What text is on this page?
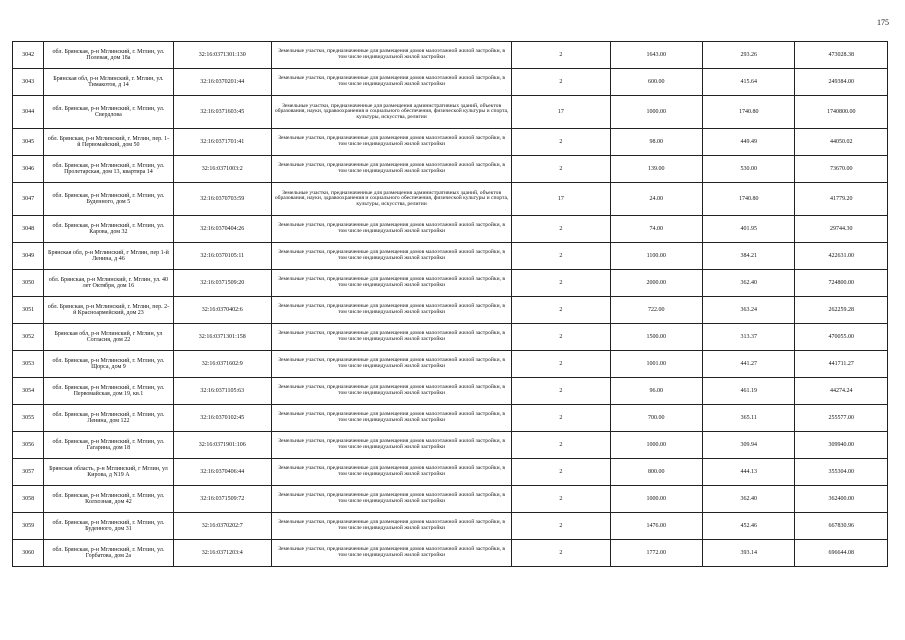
175
3042	обл. Брянская, р-н Мглинский, г. Мглин, ул. Полевая, дом 18а	32:16:0371301:130	Земельные участки, предназначенные для размещения домов малоэтажной жилой застройки, в том числе индивидуальной жилой застройки	2	1643.00	293.26	473028.38
3043	Брянская обл, р-н Мглинский, г. Мглин, ул. Тимакотов, д 14	32:16:0370201:44	Земельные участки, предназначенные для размещения домов малоэтажной жилой застройки, в том числе индивидуальной жилой застройки	2	600.00	415.64	249384.00
3044	обл. Брянская, р-н Мглинский, г. Мглин, ул. Свердлова	32:16:0371603:45	Земельные участки, предназначенные для размещения административных зданий, объектов образования, науки, здравоохранения и социального обеспечения, физической культуры и спорта, культуры, искусства, религии	17	1000.00	1740.80	1740800.00
3045	обл. Брянская, р-н Мглинский, г. Мглин, пер. 1-й Первомайский, дом 50	32:16:0371701:41	Земельные участки, предназначенные для размещения домов малоэтажной жилой застройки, в том числе индивидуальной жилой застройки	2	98.00	449.49	44050.02
3046	обл. Брянская, р-н Мглинский, г. Мглин, ул. Пролетарская, дом 13, квартира 14	32:16:0371003:2	Земельные участки, предназначенные для размещения домов малоэтажной жилой застройки, в том числе индивидуальной жилой застройки	2	139.00	530.00	73670.00
3047	обл. Брянская, р-н Мглинский, г. Мглин, ул. Буденного, дом 5	32:16:0370703:59	Земельные участки, предназначенные для размещения административных зданий, объектов образования, науки, здравоохранения и социального обеспечения, физической культуры и спорта, культуры, искусства, религии	17	24.00	1740.80	41779.20
3048	обл. Брянская, р-н Мглинский, г. Мглин, ул. Карова, дом 32	32:16:0370404:26	Земельные участки, предназначенные для размещения домов малоэтажной жилой застройки, в том числе индивидуальной жилой застройки	2	74.00	401.95	29744.30
3049	Брянская обл, р-н Мглинский, г Мглин, пер 1-й Ленина, д 46	32:16:0370105:11	Земельные участки, предназначенные для размещения домов малоэтажной жилой застройки, в том числе индивидуальной жилой застройки	2	1100.00	384.21	422631.00
3050	обл. Брянская, р-н Мглинский, г. Мглин, ул. 40 лет Октября, дом 16	32:16:0371509:20	Земельные участки, предназначенные для размещения домов малоэтажной жилой застройки, в том числе индивидуальной жилой застройки	2	2000.00	362.40	724800.00
3051	обл. Брянская, р-н Мглинский, г. Мглин, пер. 2-й Красноармейский, дом 23	32:16:0370402:6	Земельные участки, предназначенные для размещения домов малоэтажной жилой застройки, в том числе индивидуальной жилой застройки	2	722.00	363.24	262259.28
3052	Брянская обл, р-н Мглинский, г Мглин, ул Согласия, дом 22	32:16:0371301:158	Земельные участки, предназначенные для размещения домов малоэтажной жилой застройки, в том числе индивидуальной жилой застройки	2	1500.00	313.37	470055.00
3053	обл. Брянская, р-н Мглинский, г. Мглин, ул. Щорса, дом 9	32:16:0371602:9	Земельные участки, предназначенные для размещения домов малоэтажной жилой застройки, в том числе индивидуальной жилой застройки	2	1001.00	441.27	441711.27
3054	обл. Брянская, р-н Мглинский, г. Мглин, ул. Первомайская, дом 19, кв.1	32:16:0371105:63	Земельные участки, предназначенные для размещения домов малоэтажной жилой застройки, в том числе индивидуальной жилой застройки	2	96.00	461.19	44274.24
3055	обл. Брянская, р-н Мглинский, г. Мглин, ул. Ленина, дом 122	32:16:0370102:45	Земельные участки, предназначенные для размещения домов малоэтажной жилой застройки, в том числе индивидуальной жилой застройки	2	700.00	365.11	255577.00
3056	обл. Брянская, р-н Мглинский, г. Мглин, ул. Гагарина, дом 18	32:16:0371901:106	Земельные участки, предназначенные для размещения домов малоэтажной жилой застройки, в том числе индивидуальной жилой застройки	2	1000.00	309.94	309940.00
3057	Брянская область, р-н Мглинский, г Мглин, ул Кирова, д N19 А	32:16:0370406:44	Земельные участки, предназначенные для размещения домов малоэтажной жилой застройки, в том числе индивидуальной жилой застройки	2	800.00	444.13	355304.00
3058	обл. Брянская, р-н Мглинский, г. Мглин, ул. Колхозная, дом 42	32:16:0371509:72	Земельные участки, предназначенные для размещения домов малоэтажной жилой застройки, в том числе индивидуальной жилой застройки	2	1000.00	362.40	362400.00
3059	обл. Брянская, р-н Мглинский, г. Мглин, ул. Буденного, дом 31	32:16:0370202:7	Земельные участки, предназначенные для размещения домов малоэтажной жилой застройки, в том числе индивидуальной жилой застройки	2	1476.00	452.46	667830.96
3060	обл. Брянская, р-н Мглинский, г. Мглин, ул. Горбатова, дом 2а	32:16:0371203:4	Земельные участки, предназначенные для размещения домов малоэтажной жилой застройки, в том числе индивидуальной жилой застройки	2	1772.00	393.14	696644.08
